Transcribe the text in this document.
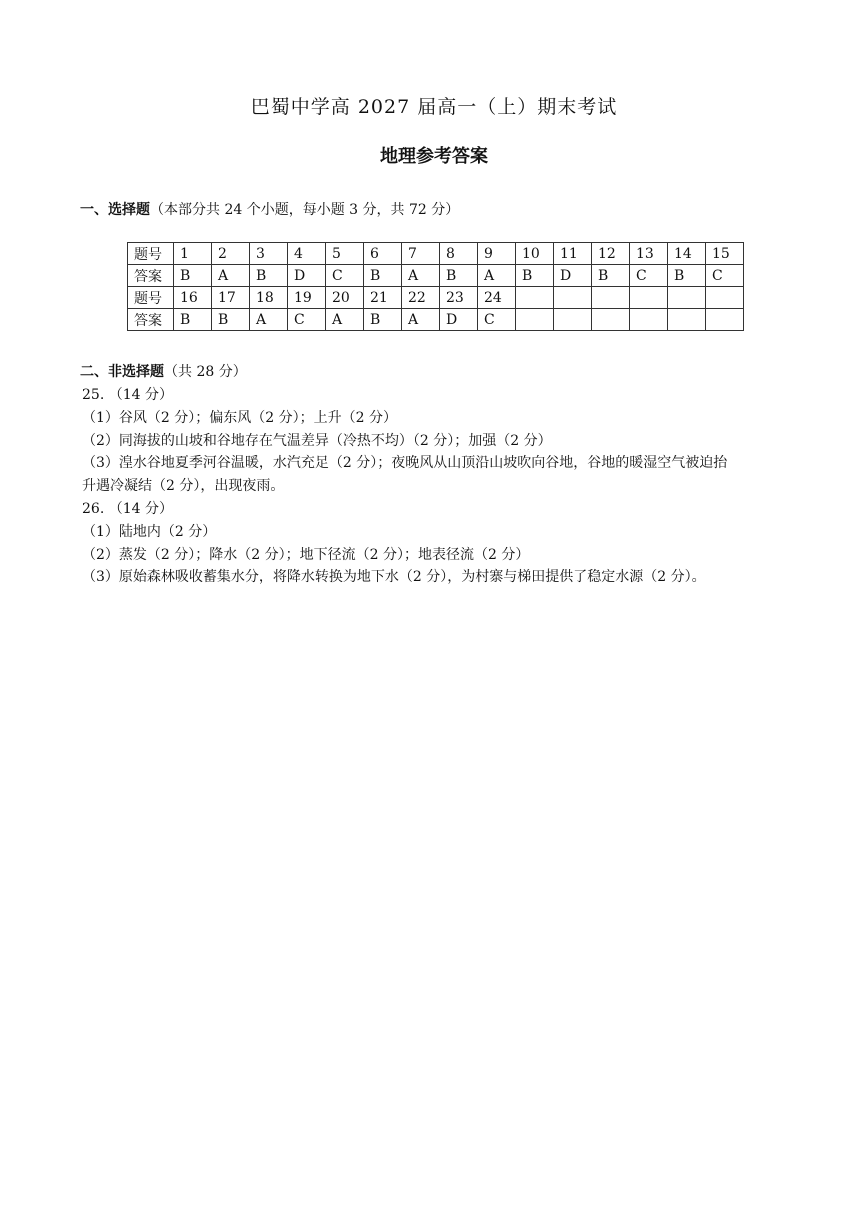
巴蜀中学高 2027 届高一（上）期末考试
地理参考答案
一、选择题（本部分共 24 个小题，每小题 3 分，共 72 分）
题号	1	2	3	4	5	6	7	8	9	10	11	12	13	14	15
答案	B	A	B	D	C	B	A	B	A	B	D	B	C	B	C
题号	16	17	18	19	20	21	22	23	24						
答案	B	B	A	C	A	B	A	D	C						
二、非选择题（共 28 分）
25. （14 分）
（1）谷风（2 分）；偏东风（2 分）；上升（2 分）
（2）同海拔的山坡和谷地存在气温差异（冷热不均）（2 分）；加强（2 分）
（3）湟水谷地夏季河谷温暖，水汽充足（2 分）；夜晚风从山顶沿山坡吹向谷地，谷地的暖湿空气被迫抬
升遇冷凝结（2 分），出现夜雨。
26. （14 分）
（1）陆地内（2 分）
（2）蒸发（2 分）；降水（2 分）；地下径流（2 分）；地表径流（2 分）
（3）原始森林吸收蓄集水分，将降水转换为地下水（2 分），为村寨与梯田提供了稳定水源（2 分）。
